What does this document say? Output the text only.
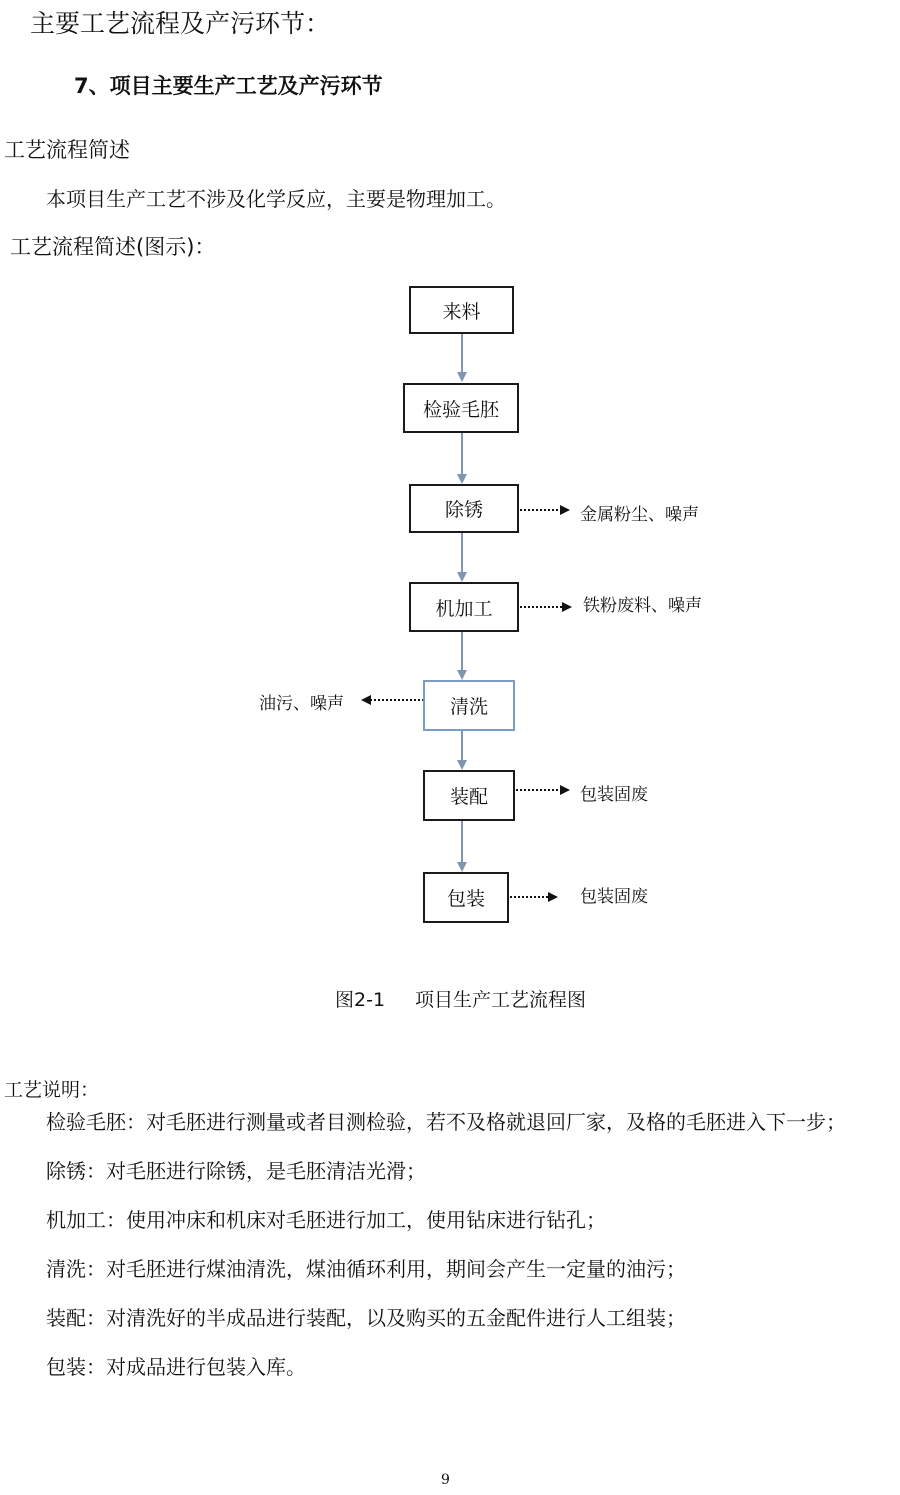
主要工艺流程及产污环节：
7、项目主要生产工艺及产污环节
工艺流程简述
本项目生产工艺不涉及化学反应，主要是物理加工。
工艺流程简述(图示)：
来料
检验毛胚
除锈
机加工
清洗
装配
包装
金属粉尘、噪声
铁粉废料、噪声
油污、噪声
包装固废
包装固废
图2-1 项目生产工艺流程图
工艺说明：
检验毛胚：对毛胚进行测量或者目测检验，若不及格就退回厂家，及格的毛胚进入下一步；
除锈：对毛胚进行除锈，是毛胚清洁光滑；
机加工：使用冲床和机床对毛胚进行加工，使用钻床进行钻孔；
清洗：对毛胚进行煤油清洗，煤油循环利用，期间会产生一定量的油污；
装配：对清洗好的半成品进行装配，以及购买的五金配件进行人工组装；
包装：对成品进行包装入库。
9
